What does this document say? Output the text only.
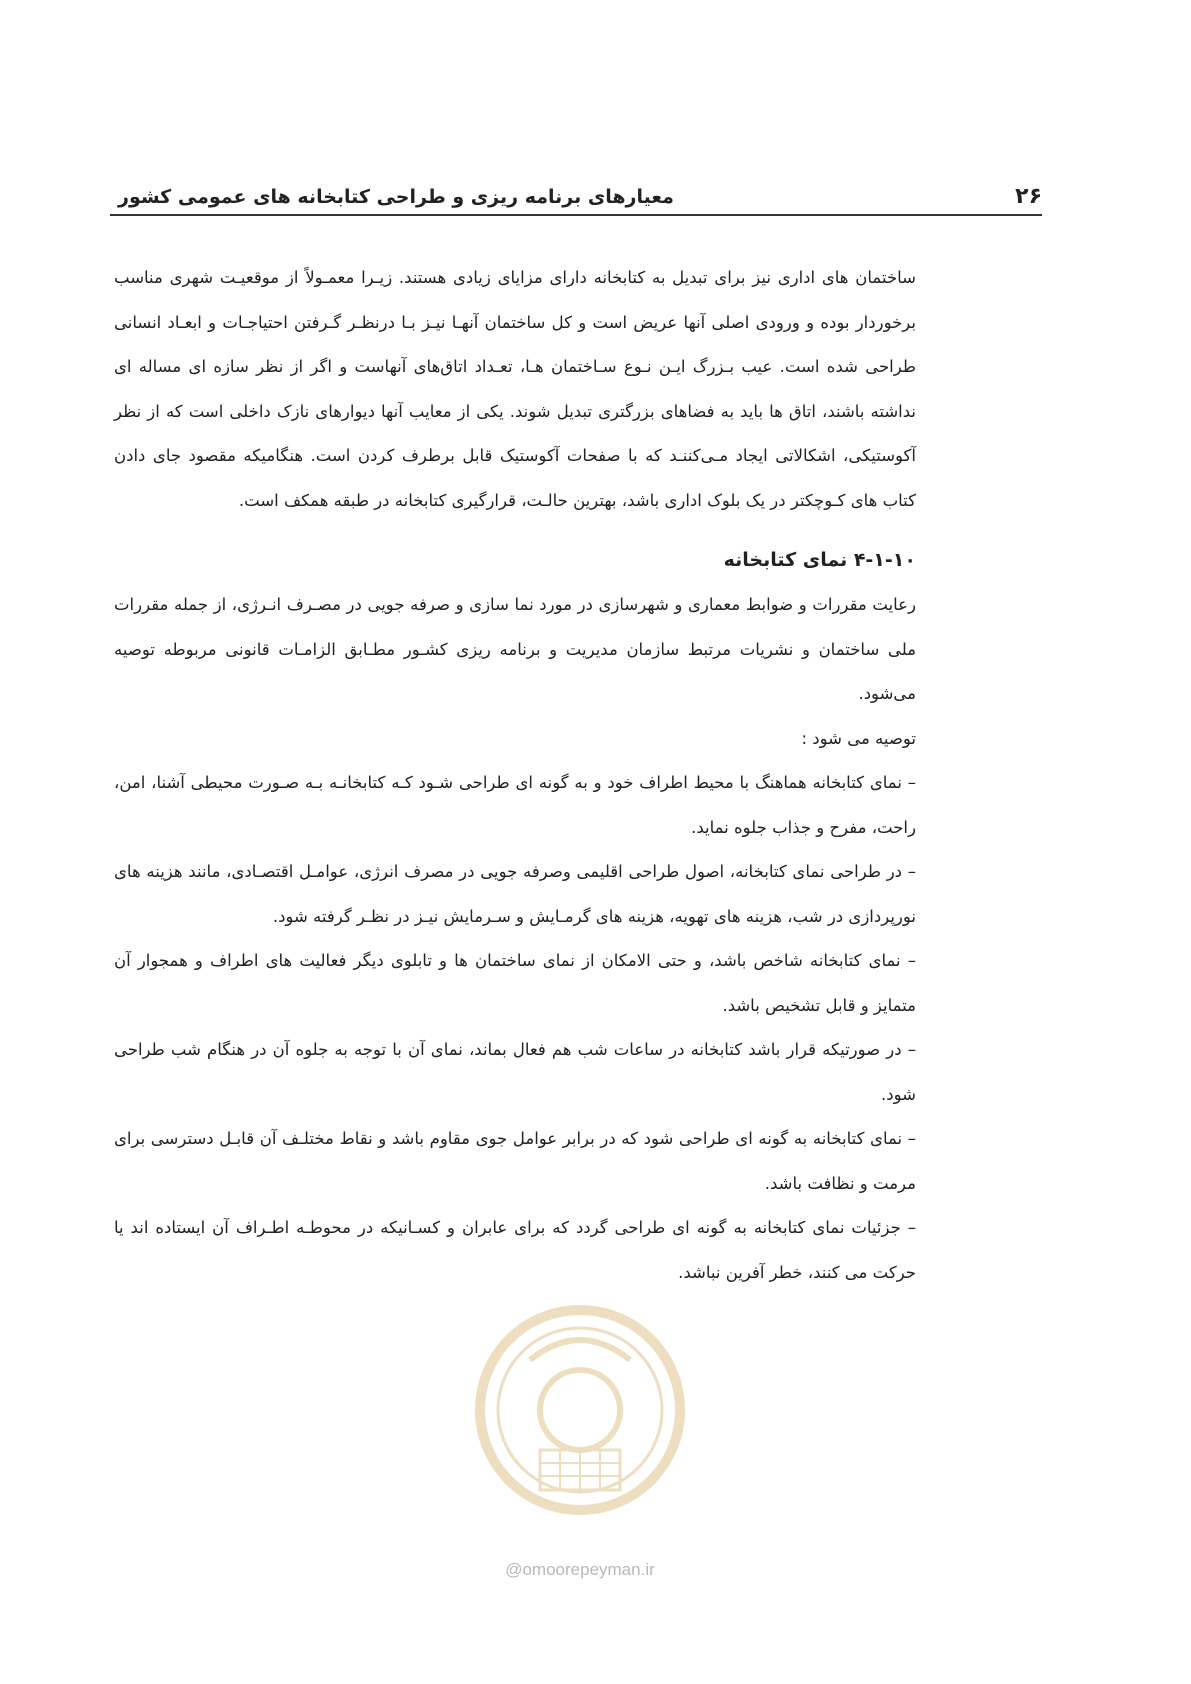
۲۶
معیارهای برنامه ریزی و طراحی کتابخانه های عمومی کشور

ساختمان های اداری نیز برای تبدیل به کتابخانه دارای مزایای زیادی هستند. زیـرا معمـولاً از موقعیـت شهری مناسب برخوردار بوده و ورودی اصلی آنها عریض است و کل ساختمان آنهـا نیـز بـا درنظـر گـرفتن احتیاجـات و ابعـاد انسانی طراحی شده است. عیب بـزرگ ایـن نـوع سـاختمان هـا، تعـداد اتاق‌های آنهاست و اگر از نظر سازه ای مساله ای نداشته باشند، اتاق ها باید به فضاهای بزرگتری تبدیل شوند. یکی از معایب آنها دیوارهای نازک داخلی است که از نظر آکوستیکی، اشکالاتی ایجاد مـی‌کننـد که با صفحات آکوستیک قابل برطرف کردن است. هنگامیکه مقصود جای دادن کتاب های کـوچکتر در یک بلوک اداری باشد، بهترین حالـت، قرارگیری کتابخانه در طبقه همکف است.

۴-۱-۱۰ نمای کتابخانه

رعایت مقررات و ضوابط معماری و شهرسازی در مورد نما سازی و صرفه جویی در مصـرف انـرژی، از جمله مقررات ملی ساختمان و نشریات مرتبط سازمان مدیریت و برنامه ریزی کشـور مطـابق الزامـات قانونی مربوطه توصیه می‌شود.

توصیه می شود :

– نمای کتابخانه هماهنگ با محیط اطراف خود و به گونه ای طراحی شـود کـه کتابخانـه بـه صـورت محیطی آشنا، امن، راحت، مفرح و جذاب جلوه نماید.

– در طراحی نمای کتابخانه، اصول طراحی اقلیمی وصرفه جویی در مصرف انرژی، عوامـل اقتصـادی، مانند هزینه های نورپردازی در شب، هزینه های تهویه، هزینه های گرمـایش و سـرمایش نیـز در نظـر گرفته شود.

– نمای کتابخانه شاخص باشد، و حتی الامکان از نمای ساختمان ها و تابلوی دیگر فعالیت های اطراف و همجوار آن متمایز و قابل تشخیص باشد.

– در صورتیکه قرار باشد کتابخانه در ساعات شب هم فعال بماند، نمای آن با توجه به جلوه آن در هنگام شب طراحی شود.

– نمای کتابخانه به گونه ای طراحی شود که در برابر عوامل جوی مقاوم باشد و نقاط مختلـف آن قابـل دسترسی برای مرمت و نظافت باشد.

– جزئیات نمای کتابخانه به گونه ای طراحی گردد که برای عابران و کسـانیکه در محوطـه اطـراف آن ایستاده اند یا حرکت می کنند، خطر آفرین نباشد.

@omoorepeyman.ir
